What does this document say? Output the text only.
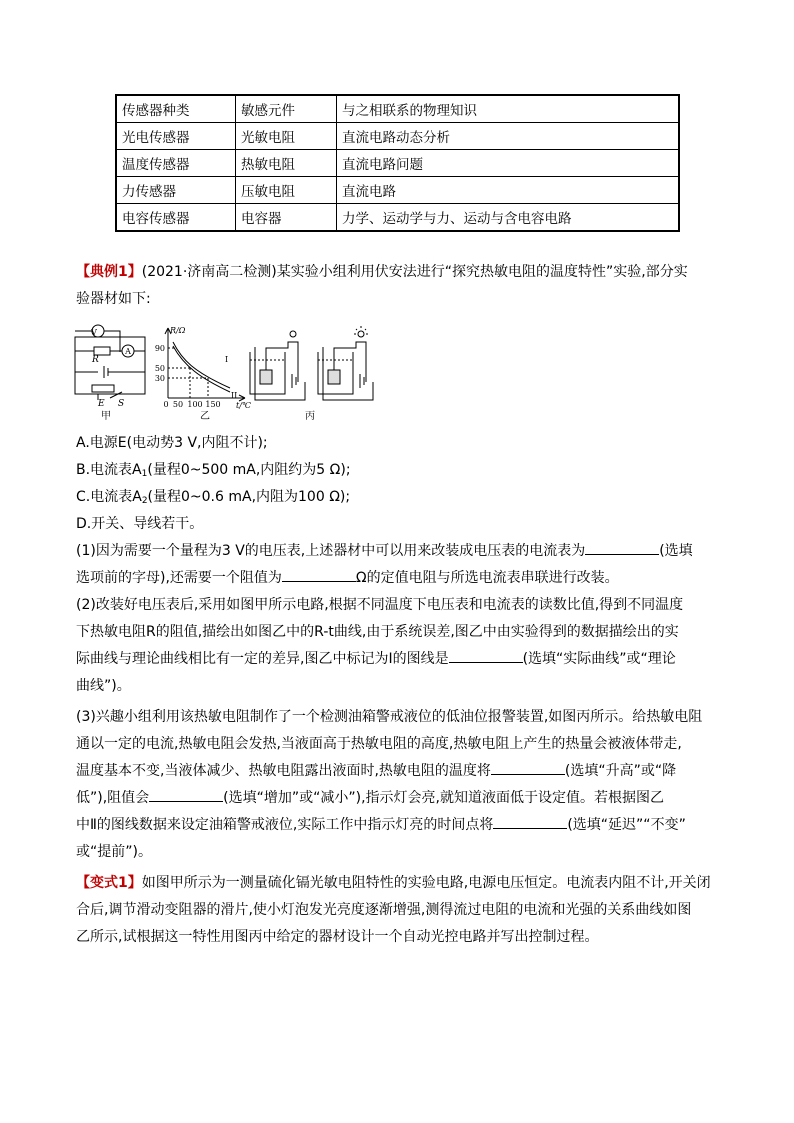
传感器种类	敏感元件	与之相联系的物理知识
光电传感器	光敏电阻	直流电路动态分析
温度传感器	热敏电阻	直流电路问题
力传感器	压敏电阻	直流电路
电容传感器	电容器	力学、运动学与力、运动与含电容电路
【典例1】(2021·济南高二检测)某实验小组利用伏安法进行“探究热敏电阻的温度特性”实验,部分实
验器材如下:
V
A
R
E S
甲
R/Ω
t/℃
90
50
30
0 50 100 150
I
II
乙	丙
A.电源E(电动势3 V,内阻不计);
B.电流表$A_1$(量程0~500 mA,内阻约为5 Ω);
C.电流表$A_2$(量程0~0.6 mA,内阻为100 Ω);
D.开关、导线若干。
(1)因为需要一个量程为3 V的电压表,上述器材中可以用来改装成电压表的电流表为	(选填
选项前的字母),还需要一个阻值为	Ω的定值电阻与所选电流表串联进行改装。
(2)改装好电压表后,采用如图甲所示电路,根据不同温度下电压表和电流表的读数比值,得到不同温度
下热敏电阻R的阻值,描绘出如图乙中的R-t曲线,由于系统误差,图乙中由实验得到的数据描绘出的实
际曲线与理论曲线相比有一定的差异,图乙中标记为Ⅰ的图线是	(选填“实际曲线”或“理论
曲线”)。
(3)兴趣小组利用该热敏电阻制作了一个检测油箱警戒液位的低油位报警装置,如图丙所示。给热敏电阻
通以一定的电流,热敏电阻会发热,当液面高于热敏电阻的高度,热敏电阻上产生的热量会被液体带走,
温度基本不变,当液体减少、热敏电阻露出液面时,热敏电阻的温度将	(选填“升高”或“降
低”),阻值会	(选填“增加”或“减小”),指示灯会亮,就知道液面低于设定值。若根据图乙
中Ⅱ的图线数据来设定油箱警戒液位,实际工作中指示灯亮的时间点将	(选填“延迟”“不变”
或“提前”)。
【变式1】如图甲所示为一测量硫化镉光敏电阻特性的实验电路,电源电压恒定。电流表内阻不计,开关闭
合后,调节滑动变阻器的滑片,使小灯泡发光亮度逐渐增强,测得流过电阻的电流和光强的关系曲线如图
乙所示,试根据这一特性用图丙中给定的器材设计一个自动光控电路并写出控制过程。
